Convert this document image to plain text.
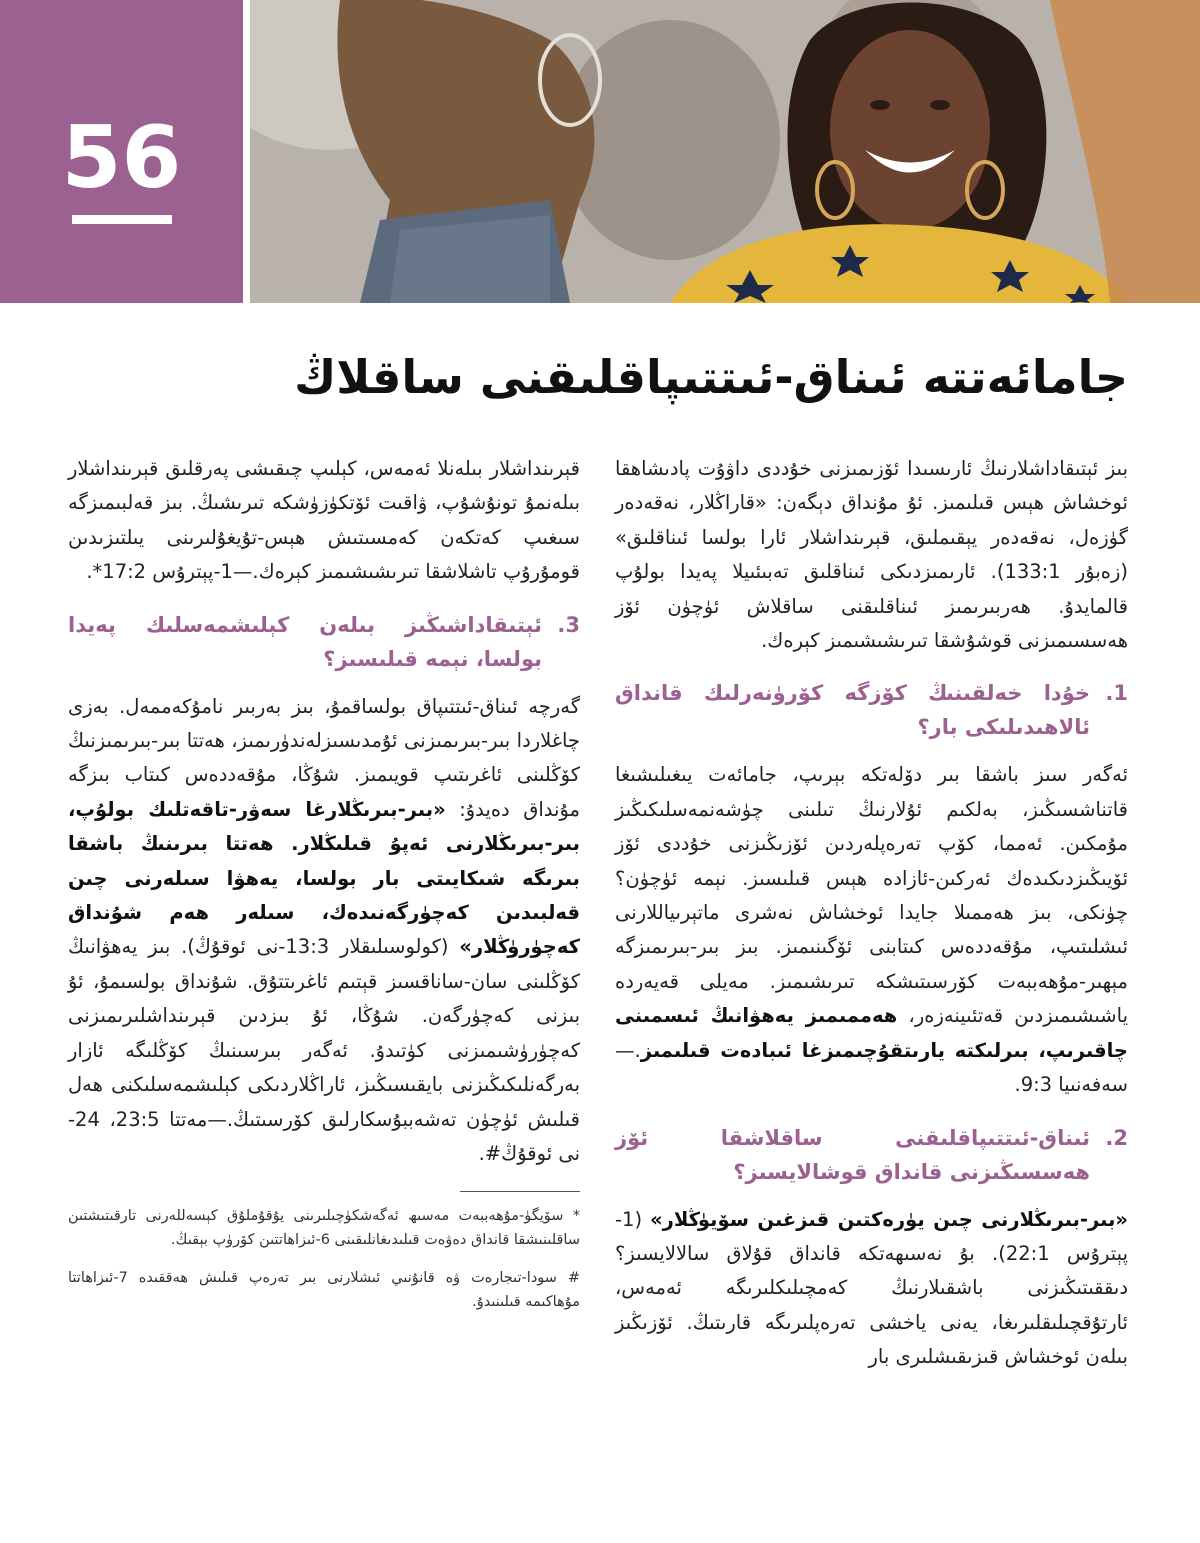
56
جامائەتتە ئىناق-ئىتتىپاقلىقنى ساقلاڭ

بىز ئېتىقاداشلارنىڭ ئارىسىدا ئۆزىمىزنى خۇددى داۋۇت پادىشاھقا ئوخشاش ھېس قىلىمىز. ئۇ مۇنداق دېگەن: «قاراڭلار، نەقەدەر گۈزەل، نەقەدەر يېقىملىق، قېرىنداشلار ئارا بولسا ئىناقلىق» (زەبۇر 133:1). ئارىمىزدىكى ئىناقلىق تەبىئىيلا پەيدا بولۇپ قالمايدۇ. ھەربىرىمىز ئىناقلىقنى ساقلاش ئۈچۈن ئۆز ھەسسىمىزنى قوشۇشقا تىرىشىشىمىز كېرەك.

1.
خۇدا خەلقىنىڭ كۆزگە كۆرۈنەرلىك قانداق ئالاھىدىلىكى بار؟

ئەگەر سىز باشقا بىر دۆلەتكە بېرىپ، جامائەت يىغىلىشىغا قاتناشسىڭىز، بەلكىم ئۇلارنىڭ تىلىنى چۈشەنمەسلىكىڭىز مۇمكىن. ئەمما، كۆپ تەرەپلەردىن ئۆزىڭىزنى خۇددى ئۆز ئۆيىڭىزدىكىدەك ئەركىن-ئازادە ھېس قىلىسىز. نېمە ئۈچۈن؟ چۈنكى، بىز ھەممىلا جايدا ئوخشاش نەشرى ماتېرىياللارنى ئىشلىتىپ، مۇقەددەس كىتابنى ئۆگىنىمىز. بىز بىر-بىرىمىزگە مېھىر-مۇھەببەت كۆرسىتىشكە تىرىشىمىز. مەيلى قەيەردە ياشىشىمىزدىن قەتئىينەزەر، ھەممىمىز يەھۋانىڭ ئىسمىنى چاقىرىپ، بىرلىكتە يارىتقۇچىمىزغا ئىبادەت قىلىمىز.—سەفەنىيا 9:3.

2.
ئىناق-ئىتتىپاقلىقنى ساقلاشقا ئۆز ھەسسىڭىزنى قانداق قوشالايسىز؟

«بىر-بىرىڭلارنى چىن يۈرەكتىن قىزغىن سۆيۈڭلار» (1-پېترۇس 22:1). بۇ نەسىھەتكە قانداق قۇلاق سالالايسىز؟ دىققىتىڭىزنى باشقىلارنىڭ كەمچىلىكلىرىگە ئەمەس، ئارتۇقچىلىقلىرىغا، يەنى ياخشى تەرەپلىرىگە قارىتىڭ. ئۆزىڭىز بىلەن ئوخشاش قىزىقىشلىرى بار

قېرىنداشلار بىلەنلا ئەمەس، كېلىپ چىقىشى پەرقلىق قېرىنداشلار بىلەنمۇ تونۇشۇپ، ۋاقىت ئۆتكۈزۈشكە تىرىشىڭ. بىز قەلبىمىزگە سىغىپ كەتكەن كەمسىتىش ھېس-تۇيغۇلىرىنى يىلتىزىدىن قومۇرۇپ تاشلاشقا تىرىشىشىمىز كېرەك.—1-پېترۇس 17:2*.

3.
ئېتىقاداشىڭىز بىلەن كېلىشمەسلىك پەيدا بولسا، نېمە قىلىسىز؟

گەرچە ئىناق-ئىتتىپاق بولساقمۇ، بىز بەربىر نامۇكەممەل. بەزى چاغلاردا بىر-بىرىمىزنى ئۇمدىسىزلەندۈرىمىز، ھەتتا بىر-بىرىمىزنىڭ كۆڭلىنى ئاغرىتىپ قويىمىز. شۇڭا، مۇقەددەس كىتاب بىزگە مۇنداق دەيدۇ: «بىر-بىرىڭلارغا سەۋر-تاقەتلىك بولۇپ، بىر-بىرىڭلارنى ئەپۇ قىلىڭلار. ھەتتا بىرىنىڭ باشقا بىرىگە شىكايىتى بار بولسا، يەھۋا سىلەرنى چىن قەلبىدىن كەچۈرگەنىدەك، سىلەر ھەم شۇنداق كەچۈرۈڭلار» (كولوسىلىقلار 13:3-نى ئوقۇڭ). بىز يەھۋانىڭ كۆڭلىنى سان-ساناقسىز قېتىم ئاغرىتتۇق. شۇنداق بولسىمۇ، ئۇ بىزنى كەچۈرگەن. شۇڭا، ئۇ بىزدىن قېرىنداشلىرىمىزنى كەچۈرۈشىمىزنى كۈتىدۇ. ئەگەر بىرسىنىڭ كۆڭلىگە ئازار بەرگەنلىكىڭىزنى بايقىسىڭىز، ئاراڭلاردىكى كېلىشمەسلىكنى ھەل قىلىش ئۈچۈن تەشەببۇسكارلىق كۆرسىتىڭ.—مەتتا 23:5، 24-نى ئوقۇڭ#.

* سۆيگۈ-مۇھەببەت مەسىھ ئەگەشكۈچىلىرىنى يۇقۇملۇق كېسەللەرنى تارقىتىشتىن ساقلىنىشقا قانداق دەۋەت قىلىدىغانلىقىنى 6-ئىزاھاتتىن كۆرۈپ بېقىڭ.

# سودا-تىجارەت ۋە قانۇنىي ئىشلارنى بىر تەرەپ قىلىش ھەققىدە 7-ئىزاھاتتا مۇھاكىمە قىلىنىدۇ.
